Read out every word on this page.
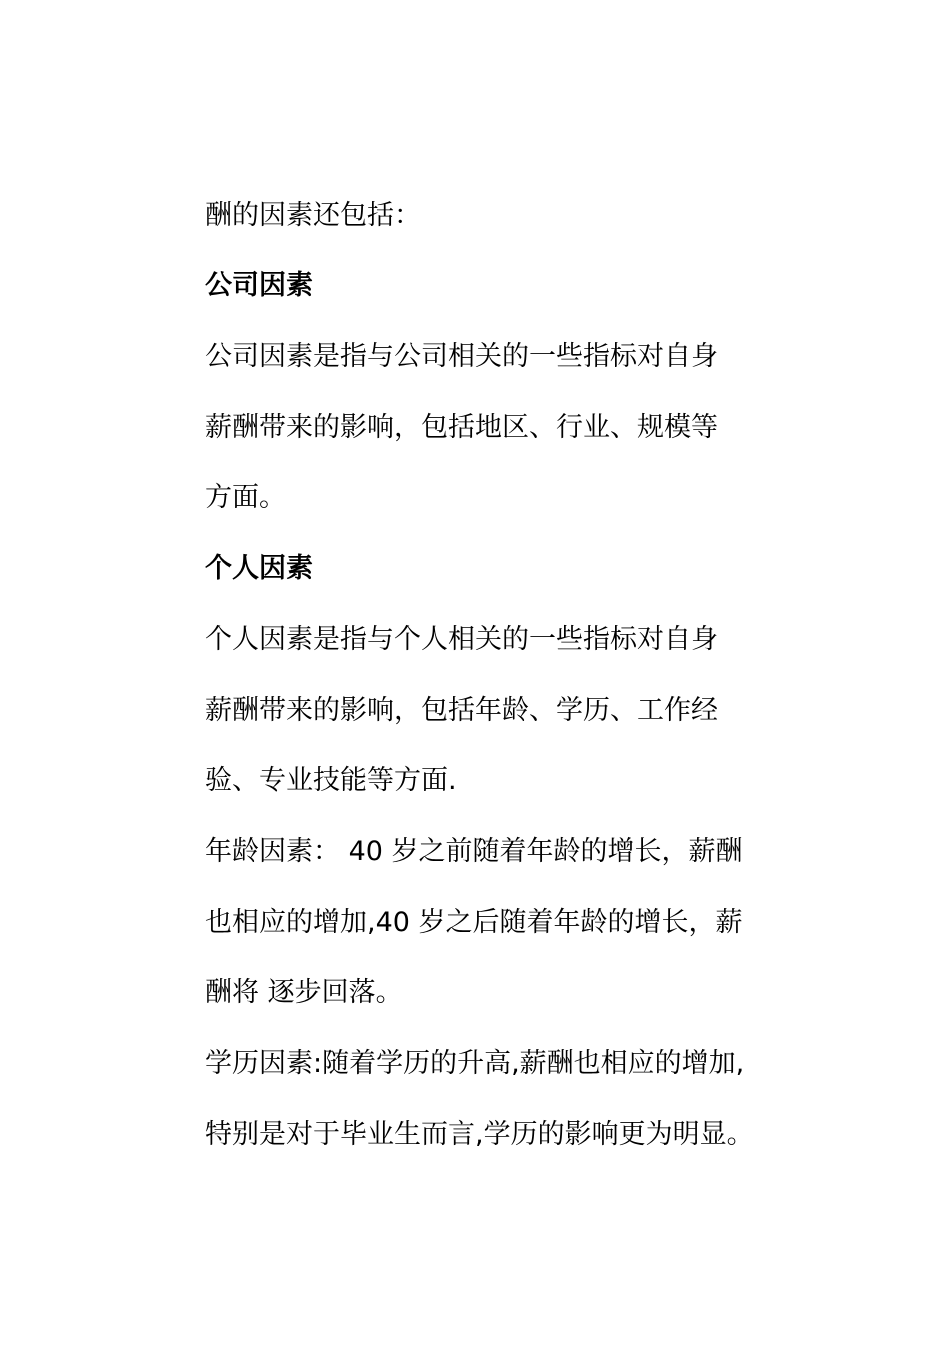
酬的因素还包括：
公司因素
公司因素是指与公司相关的一些指标对自身
薪酬带来的影响，包括地区、行业、规模等
方面。
个人因素
个人因素是指与个人相关的一些指标对自身
薪酬带来的影响，包括年龄、学历、工作经
验、专业技能等方面.
年龄因素： 40 岁之前随着年龄的增长，薪酬
也相应的增加,40 岁之后随着年龄的增长，薪
酬将 逐步回落。
学历因素:随着学历的升高,薪酬也相应的增加,
特别是对于毕业生而言,学历的影响更为明显。
